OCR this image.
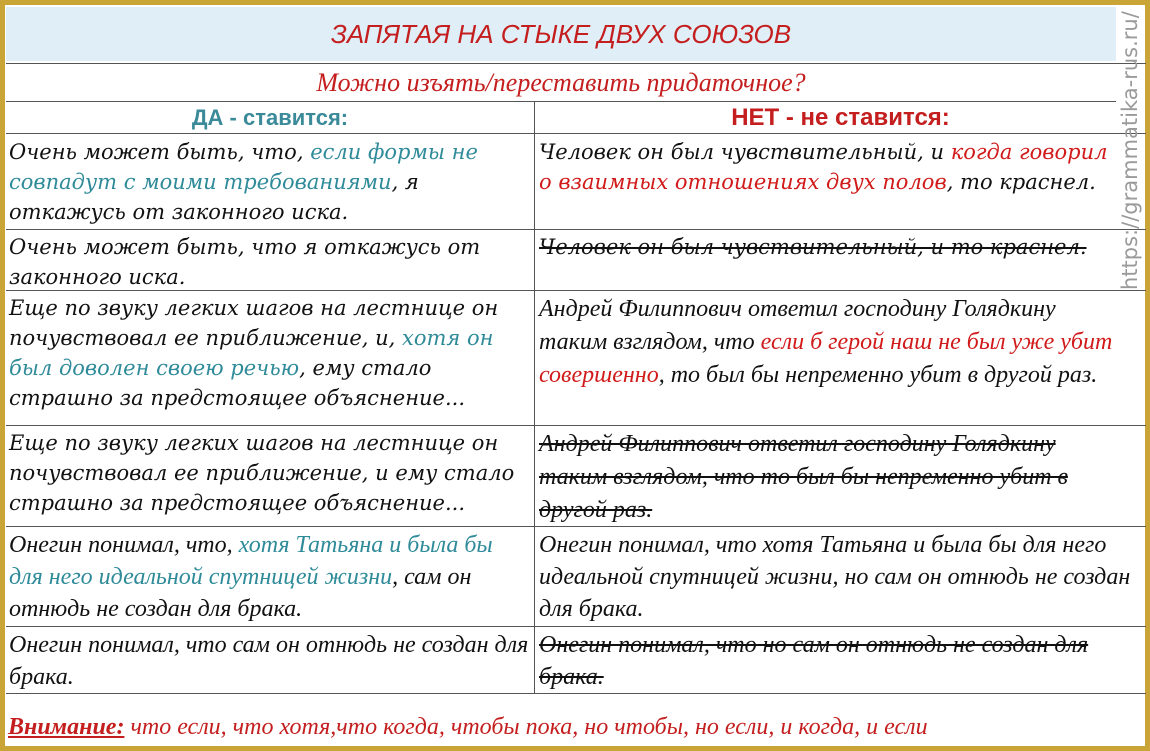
ЗАПЯТАЯ НА СТЫКЕ ДВУХ СОЮЗОВ
Можно изъять/переставить придаточное?
ДА - ставится:	НЕТ - не ставится:
Очень может быть, что, если формы не совпадут с моими требованиями, я откажусь от законного иска.
Человек он был чувствительный, и когда говорил о взаимных отношениях двух полов, то краснел.
Очень может быть, что я откажусь от законного иска.
Человек он был чувствительный, и то краснел.
Еще по звуку легких шагов на лестнице он почувствовал ее приближение, и, хотя он был доволен своею речью, ему стало страшно за предстоящее объяснение...
Андрей Филиппович ответил господину Голядкину таким взглядом, что если б герой наш не был уже убит совершенно, то был бы непременно убит в другой раз.
Еще по звуку легких шагов на лестнице он почувствовал ее приближение, и ему стало страшно за предстоящее объяснение...
Андрей Филиппович ответил господину Голядкину таким взглядом, что то был бы непременно убит в другой раз.
Онегин понимал, что, хотя Татьяна и была бы для него идеальной спутницей жизни, сам он отнюдь не создан для брака.
Онегин понимал, что хотя Татьяна и была бы для него идеальной спутницей жизни, но сам он отнюдь не создан для брака.
Онегин понимал, что сам он отнюдь не создан для брака.
Онегин понимал, что но сам он отнюдь не создан для брака.
Внимание: что если, что хотя,что когда, чтобы пока, но чтобы, но если, и когда, и если
https://grammatika-rus.ru/
